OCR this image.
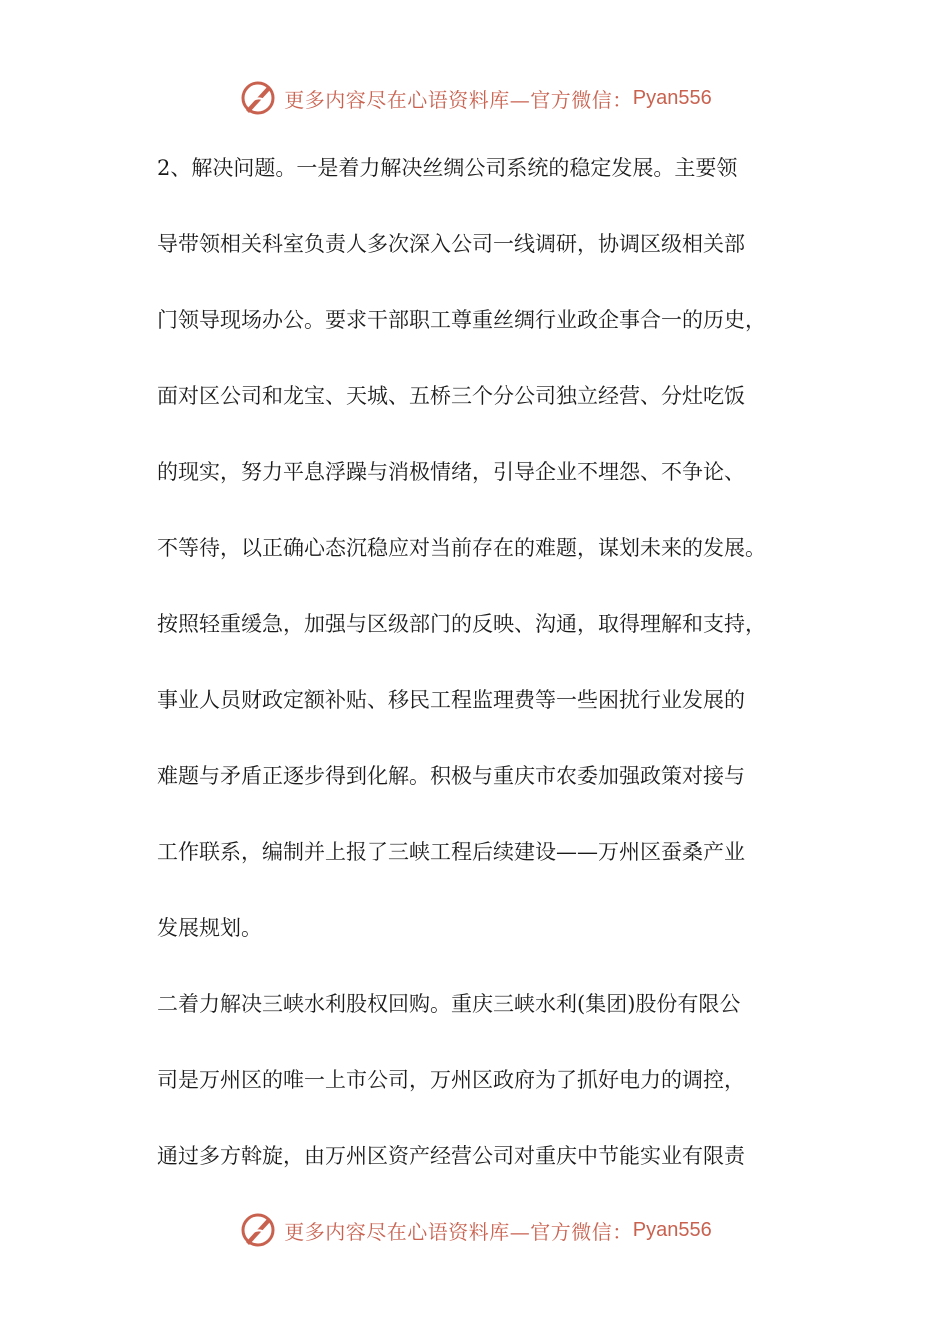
更多内容尽在心语资料库—官方微信： Pyan556
2、解决问题。一是着力解决丝绸公司系统的稳定发展。主要领
导带领相关科室负责人多次深入公司一线调研，协调区级相关部
门领导现场办公。要求干部职工尊重丝绸行业政企事合一的历史，
面对区公司和龙宝、天城、五桥三个分公司独立经营、分灶吃饭
的现实，努力平息浮躁与消极情绪，引导企业不埋怨、不争论、
不等待，以正确心态沉稳应对当前存在的难题，谋划未来的发展。
按照轻重缓急，加强与区级部门的反映、沟通，取得理解和支持，
事业人员财政定额补贴、移民工程监理费等一些困扰行业发展的
难题与矛盾正逐步得到化解。积极与重庆市农委加强政策对接与
工作联系，编制并上报了三峡工程后续建设——万州区蚕桑产业
发展规划。
二着力解决三峡水利股权回购。重庆三峡水利(集团)股份有限公
司是万州区的唯一上市公司，万州区政府为了抓好电力的调控，
通过多方斡旋，由万州区资产经营公司对重庆中节能实业有限责
更多内容尽在心语资料库—官方微信： Pyan556
